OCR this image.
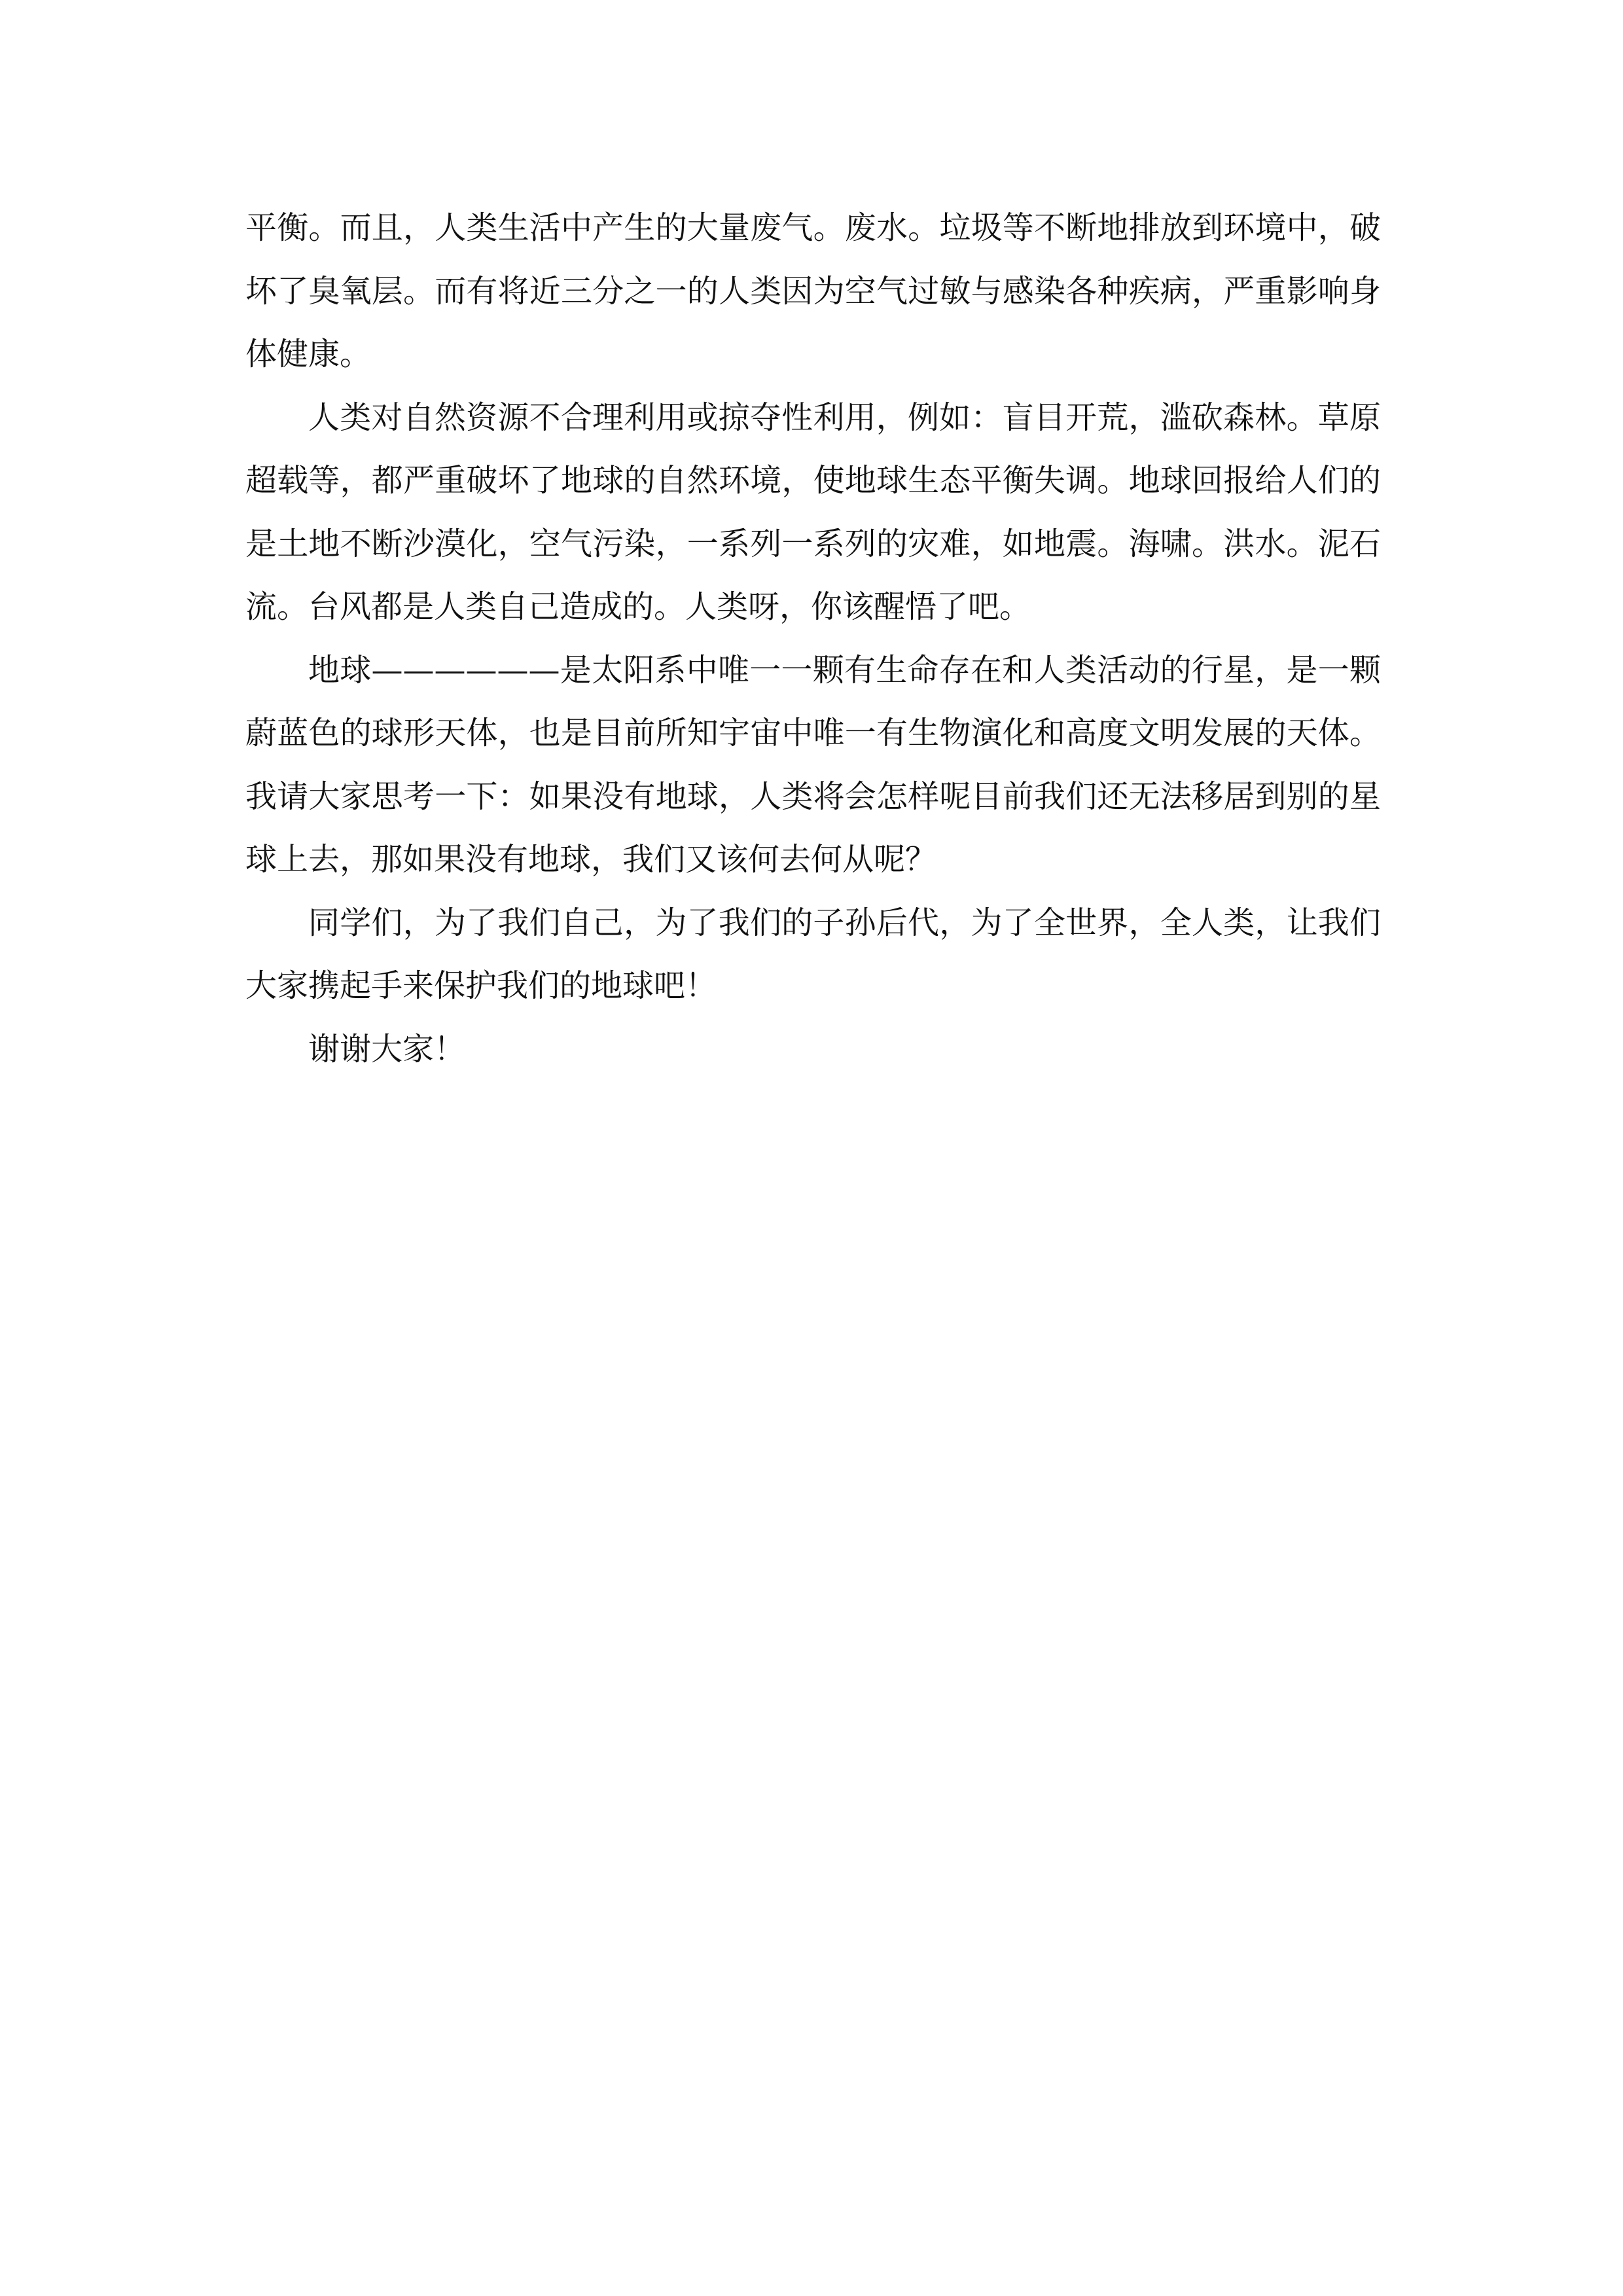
平衡。而且，人类生活中产生的大量废气。废水。垃圾等不断地排放到环境中，破坏了臭氧层。而有将近三分之一的人类因为空气过敏与感染各种疾病，严重影响身体健康。

人类对自然资源不合理利用或掠夺性利用，例如：盲目开荒，滥砍森林。草原超载等，都严重破坏了地球的自然环境，使地球生态平衡失调。地球回报给人们的是土地不断沙漠化，空气污染，一系列一系列的灾难，如地震。海啸。洪水。泥石流。台风都是人类自己造成的。人类呀，你该醒悟了吧。

地球——————是太阳系中唯一一颗有生命存在和人类活动的行星，是一颗蔚蓝色的球形天体，也是目前所知宇宙中唯一有生物演化和高度文明发展的天体。我请大家思考一下：如果没有地球，人类将会怎样呢目前我们还无法移居到别的星球上去，那如果没有地球，我们又该何去何从呢？

同学们，为了我们自己，为了我们的子孙后代，为了全世界，全人类，让我们大家携起手来保护我们的地球吧！

谢谢大家！
